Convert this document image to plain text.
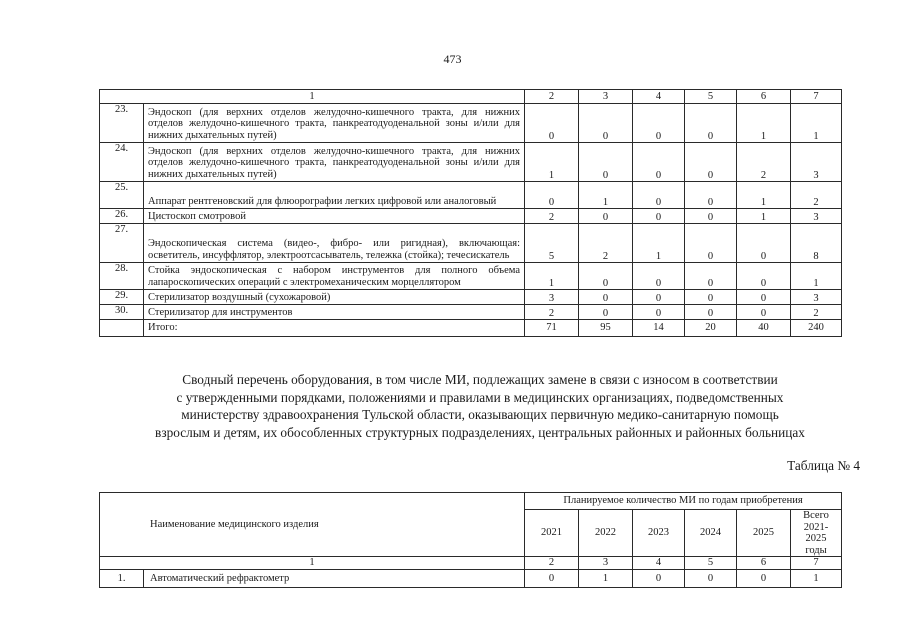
473
1		2	3	4	5	6	7
23.	Эндоскоп (для верхних отделов желудочно-кишечного тракта, для нижних отделов желудочно-кишечного тракта, панкреатодуоденальной зоны и/или для нижних дыхательных путей)	0	0	0	0	1	1
24.	Эндоскоп (для верхних отделов желудочно-кишечного тракта, для нижних отделов желудочно-кишечного тракта, панкреатодуоденальной зоны и/или для нижних дыхательных путей)	1	0	0	0	2	3
25.	Аппарат рентгеновский для флюорографии легких цифровой или аналоговый	0	1	0	0	1	2
26.	Цистоскоп смотровой	2	0	0	0	1	3
27.	Эндоскопическая система (видео-, фибро- или ригидная), включающая: осветитель, инсуффлятор, электроотсасыватель, тележка (стойка); течесискатель	5	2	1	0	0	8
28.	Стойка эндоскопическая с набором инструментов для полного объема лапароскопических операций с электромеханическим морцеллятором	1	0	0	0	0	1
29.	Стерилизатор воздушный (сухожаровой)	3	0	0	0	0	3
30.	Стерилизатор для инструментов	2	0	0	0	0	2
	Итого:	71	95	14	20	40	240
Сводный перечень оборудования, в том числе МИ, подлежащих замене в связи с износом в соответствии
с утвержденными порядками, положениями и правилами в медицинских организациях, подведомственных
министерству здравоохранения Тульской области, оказывающих первичную медико-санитарную помощь
взрослым и детям, их обособленных структурных подразделениях, центральных районных и районных больницах
Таблица № 4
Наименование медицинского изделия		Планируемое количество МИ по годам приобретения					
		2021	2022	2023	2024	2025	Всего
2021-2025
годы

1		2	3	4	5	6	7
1.	Автоматический рефрактометр	0	1	0	0	0	1
